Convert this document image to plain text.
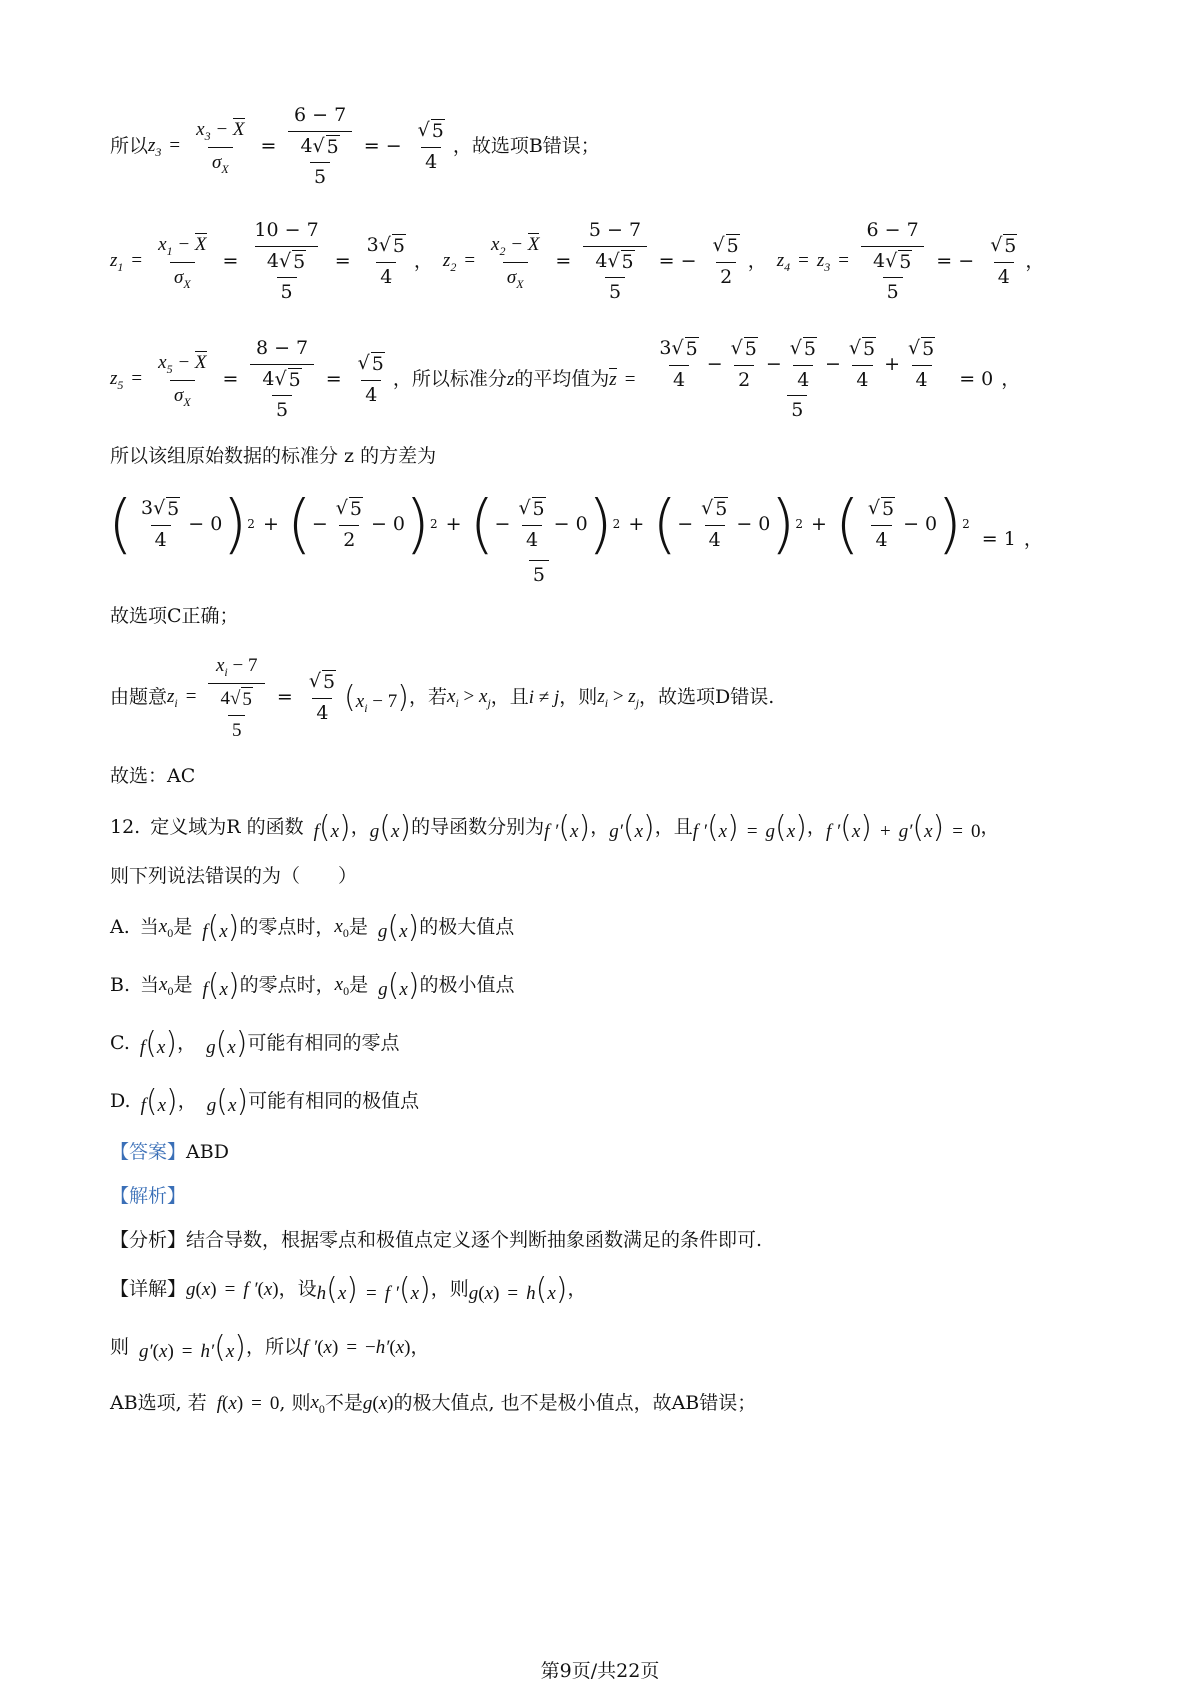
所以 $z_3 = \frac{x_3 - X}{\sigma_X} = \frac{6 - 7}{\frac{4 √ 5}{5}}$ = − $\frac{√ 5}{4}$ ，故选项B错误；
$z_1 = \frac{x_1 - X}{\sigma_X} = \frac{10 - 7}{\frac{4 √ 5}{5}} = \frac{3 √ 5}{4}$ ， $z_2 = \frac{x_2 - X}{\sigma_X} = \frac{5 - 7}{\frac{4 √ 5}{5}}$ = − $\frac{√ 5}{2}$ ， $z_4 = z_3 = \frac{6 - 7}{\frac{4 √ 5}{5}}$ = − $\frac{√ 5}{4}$ ，
$z_5 = \frac{x_5 - X}{\sigma_X} = \frac{8 - 7}{\frac{4 √ 5}{5}} = \frac{√ 5}{4}$ ，所以标准分 z 的平均值为 $z = \frac{\frac{3 √ 5}{4} - \frac{√ 5}{2} - \frac{√ 5}{4} - \frac{√ 5}{4} + \frac{√ 5}{4}}{5} = 0$ ，
所以该组原始数据的标准分 z 的方差为
( $\frac{3 √ 5}{4} - 0$ ) 2 + ( − $\frac{√ 5}{2} - 0$ ) 2 + ( − $\frac{√ 5}{4} - 0$ ) 2 + ( − $\frac{√ 5}{4} - 0$ ) 2 + ( $\frac{√ 5}{4} - 0$ ) 2
5
= 1 ，
故选项C正确；
由题意 $z_i = \frac{x_i - 7}{\frac{4 √ 5}{5}} = \frac{√ 5}{4} (x_i - 7)$ ，若 $x_i > x_j$ ，且 i ≠ j ，则 $z_i > z_j$ ，故选项D错误.
故选：AC
12. 定义域为R 的函数 f(x) ， g(x) 的导函数分别为 f ′(x) ， g′(x) ，且 f ′(x) = g(x) ， f ′(x) + g′(x) = 0 ，
则下列说法错误的为（　　）
A. 当 $x_0$ 是 f(x) 的零点时， $x_0$ 是 g(x) 的极大值点
B. 当 $x_0$ 是 f(x) 的零点时， $x_0$ 是 g(x) 的极小值点
C. f(x) ， g(x) 可能有相同的零点
D. f(x) ， g(x) 可能有相同的极值点
【答案】 ABD
【解析】
【分析】 结合导数，根据零点和极值点定义逐个判断抽象函数满足的条件即可.
【详解】 g(x) = f ′(x) ，设 h(x) = f ′(x) ，则 g(x) = h(x) ，
则 g′(x) = h′(x) ，所以 f ′(x) = −h′(x) ，
AB选项, 若 f(x) = 0 , 则 $x_0$ 不是 g(x) 的极大值点, 也不是极小值点，故AB错误；
第9页/共22页
